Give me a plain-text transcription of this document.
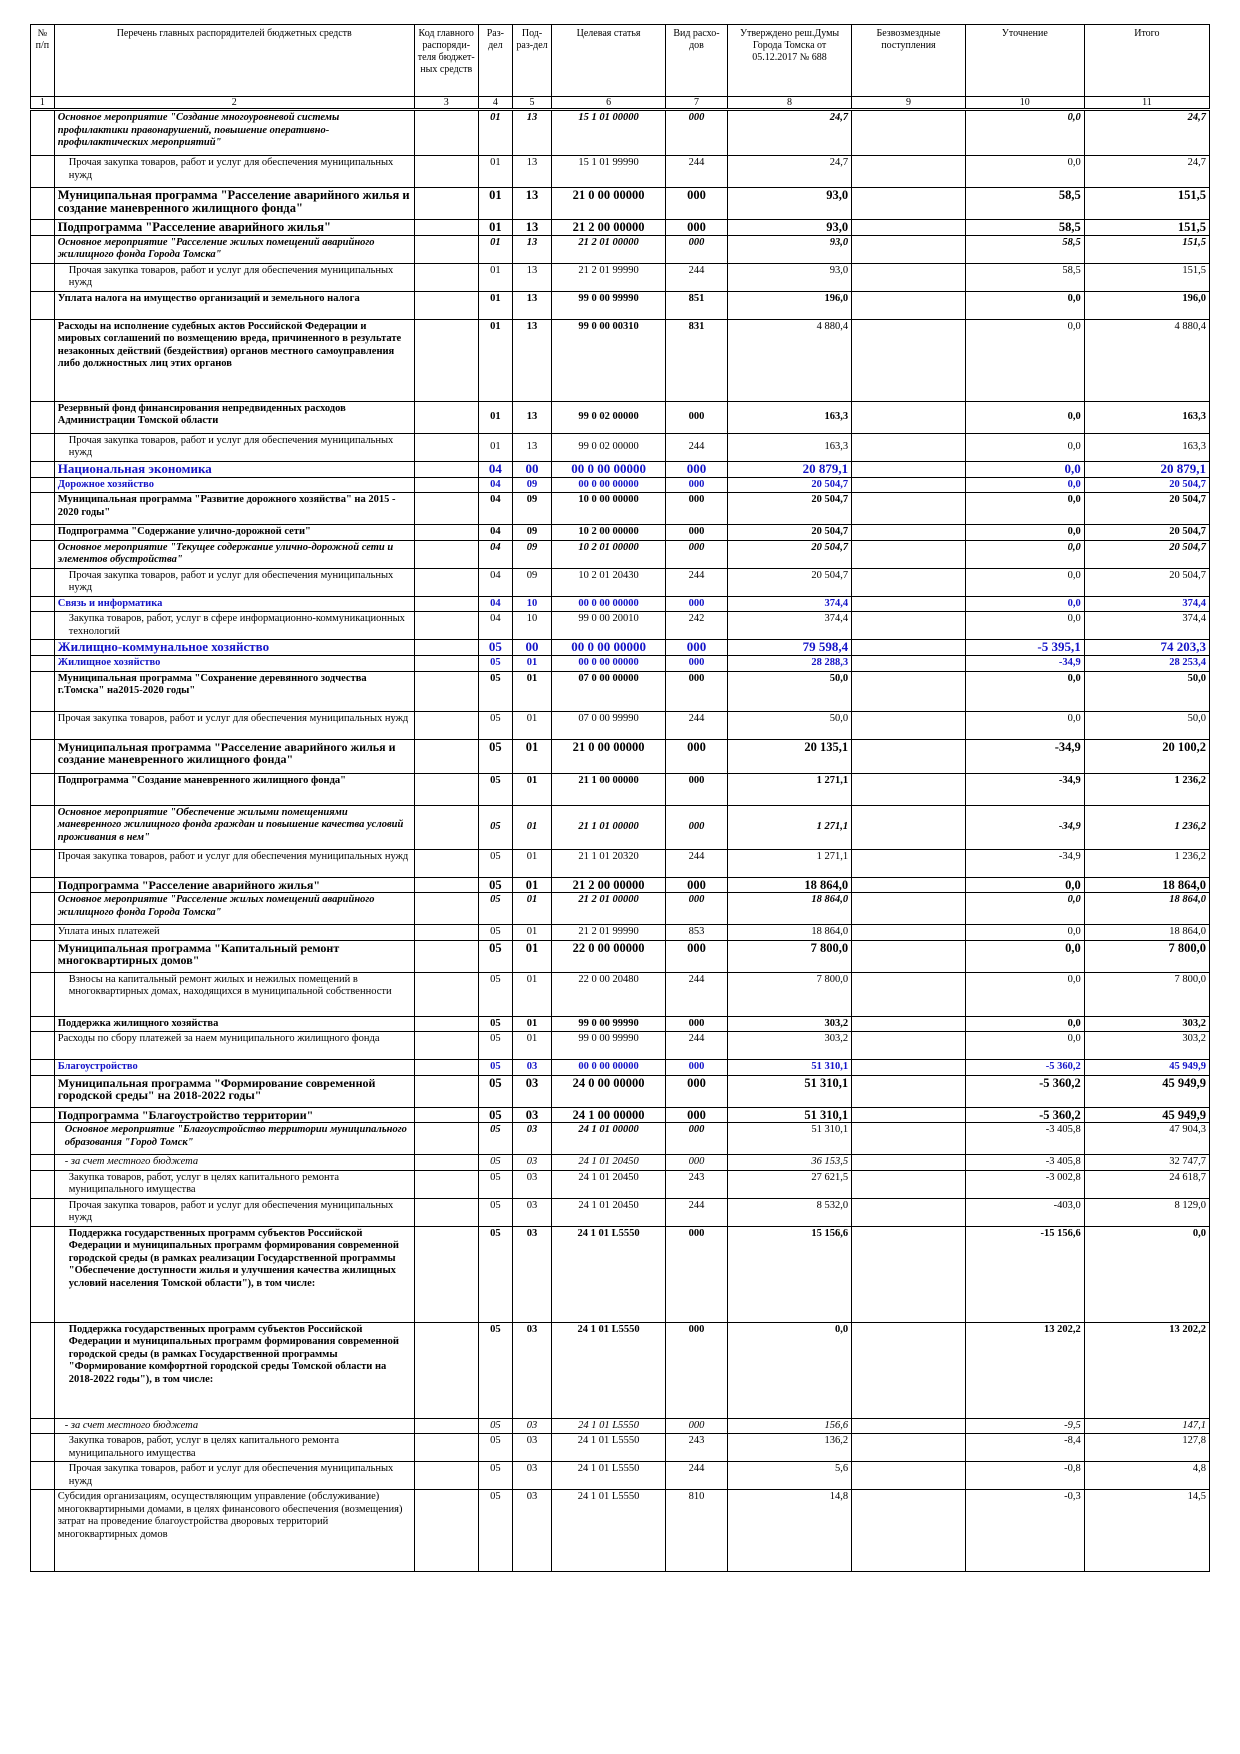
№ п/п	Перечень главных распорядителей бюджетных средств	Код главного распоряди-теля бюджет-ных средств	Раз-дел	Под-раз-дел	Целевая статья	Вид расхо-дов	Утверждено реш.Думы Города Томска от 05.12.2017 № 688	Безвозмездные поступления	Уточнение	Итого
1	2	3	4	5	6	7	8	9	10	11
	Основное мероприятие "Создание многоуровневой системы профилактики правонарушений, повышение оперативно-профилактических мероприятий"		01	13	15 1 01 00000	000	24,7		0,0	24,7
	Прочая закупка товаров, работ и услуг для обеспечения муниципальных нужд		01	13	15 1 01 99990	244	24,7		0,0	24,7
	Муниципальная программа "Расселение аварийного жилья и создание маневренного жилищного фонда"		01	13	21 0 00 00000	000	93,0		58,5	151,5
	Подпрограмма "Расселение аварийного жилья"		01	13	21 2 00 00000	000	93,0		58,5	151,5
	Основное мероприятие "Расселение жилых помещений аварийного жилищного фонда Города Томска"		01	13	21 2 01 00000	000	93,0		58,5	151,5
	Прочая закупка товаров, работ и услуг для обеспечения муниципальных нужд		01	13	21 2 01 99990	244	93,0		58,5	151,5
	Уплата налога на имущество организаций и земельного налога		01	13	99 0 00 99990	851	196,0		0,0	196,0
	Расходы на исполнение судебных актов Российской Федерации и мировых соглашений по возмещению вреда, причиненного в результате незаконных действий (бездействия) органов местного самоуправления либо должностных лиц этих органов		01	13	99 0 00 00310	831	4 880,4		0,0	4 880,4
	Резервный фонд финансирования непредвиденных расходов Администрации Томской области		01	13	99 0 02 00000	000	163,3		0,0	163,3
	Прочая закупка товаров, работ и услуг для обеспечения муниципальных нужд		01	13	99 0 02 00000	244	163,3		0,0	163,3
	Национальная экономика		04	00	00 0 00 00000	000	20 879,1		0,0	20 879,1
	Дорожное хозяйство		04	09	00 0 00 00000	000	20 504,7		0,0	20 504,7
	Муниципальная программа "Развитие дорожного хозяйства" на 2015 - 2020 годы"		04	09	10 0 00 00000	000	20 504,7		0,0	20 504,7
	Подпрограмма "Содержание улично-дорожной сети"		04	09	10 2 00 00000	000	20 504,7		0,0	20 504,7
	Основное мероприятие "Текущее содержание улично-дорожной сети и элементов обустройства"		04	09	10 2 01 00000	000	20 504,7		0,0	20 504,7
	Прочая закупка товаров, работ и услуг для обеспечения муниципальных нужд		04	09	10 2 01 20430	244	20 504,7		0,0	20 504,7
	Связь и информатика		04	10	00 0 00 00000	000	374,4		0,0	374,4
	Закупка товаров, работ, услуг в сфере информационно-коммуникационных технологий		04	10	99 0 00 20010	242	374,4		0,0	374,4
	Жилищно-коммунальное хозяйство		05	00	00 0 00 00000	000	79 598,4		-5 395,1	74 203,3
	Жилищное хозяйство		05	01	00 0 00 00000	000	28 288,3		-34,9	28 253,4
	Муниципальная программа "Сохранение деревянного зодчества г.Томска" на2015-2020 годы"		05	01	07 0 00 00000	000	50,0		0,0	50,0
	Прочая закупка товаров, работ и услуг для обеспечения муниципальных нужд		05	01	07 0 00 99990	244	50,0		0,0	50,0
	Муниципальная программа "Расселение аварийного жилья и создание маневренного жилищного фонда"		05	01	21 0 00 00000	000	20 135,1		-34,9	20 100,2
	Подпрограмма "Создание маневренного жилищного фонда"		05	01	21 1 00 00000	000	1 271,1		-34,9	1 236,2
	Основное мероприятие "Обеспечение жилыми помещениями маневренного жилищного фонда граждан и повышение качества условий проживания в нем"		05	01	21 1 01 00000	000	1 271,1		-34,9	1 236,2
	Прочая закупка товаров, работ и услуг для обеспечения муниципальных нужд		05	01	21 1 01 20320	244	1 271,1		-34,9	1 236,2
	Подпрограмма "Расселение аварийного жилья"		05	01	21 2 00 00000	000	18 864,0		0,0	18 864,0
	Основное мероприятие "Расселение жилых помещений аварийного жилищного фонда Города Томска"		05	01	21 2 01 00000	000	18 864,0		0,0	18 864,0
	Уплата иных платежей		05	01	21 2 01 99990	853	18 864,0		0,0	18 864,0
	Муниципальная программа "Капитальный ремонт многоквартирных домов"		05	01	22 0 00 00000	000	7 800,0		0,0	7 800,0
	Взносы на капитальный ремонт жилых и нежилых помещений в многоквартирных домах, находящихся в муниципальной собственности		05	01	22 0 00 20480	244	7 800,0		0,0	7 800,0
	Поддержка жилищного хозяйства		05	01	99 0 00 99990	000	303,2		0,0	303,2
	Расходы по сбору платежей за наем муниципального жилищного фонда		05	01	99 0 00 99990	244	303,2		0,0	303,2
	Благоустройство		05	03	00 0 00 00000	000	51 310,1		-5 360,2	45 949,9
	Муниципальная программа "Формирование современной городской среды" на 2018-2022 годы"		05	03	24 0 00 00000	000	51 310,1		-5 360,2	45 949,9
	Подпрограмма "Благоустройство территории"		05	03	24 1 00 00000	000	51 310,1		-5 360,2	45 949,9
	Основное мероприятие "Благоустройство территории муниципального образования "Город Томск"		05	03	24 1 01 00000	000	51 310,1		-3 405,8	47 904,3
	- за счет местного бюджета		05	03	24 1 01 20450	000	36 153,5		-3 405,8	32 747,7
	Закупка товаров, работ, услуг в целях капитального ремонта муниципального имущества		05	03	24 1 01 20450	243	27 621,5		-3 002,8	24 618,7
	Прочая закупка товаров, работ и услуг для обеспечения муниципальных нужд		05	03	24 1 01 20450	244	8 532,0		-403,0	8 129,0
	Поддержка государственных программ субъектов Российской Федерации и муниципальных программ формирования современной городской среды (в рамках реализации Государственной программы "Обеспечение доступности жилья и улучшения качества жилищных условий населения Томской области"), в том числе:		05	03	24 1 01 L5550	000	15 156,6		-15 156,6	0,0
	Поддержка государственных программ субъектов Российской Федерации и муниципальных программ формирования современной городской среды (в рамках Государственной программы "Формирование комфортной городской среды Томской области на 2018-2022 годы"), в том числе:		05	03	24 1 01 L5550	000	0,0		13 202,2	13 202,2
	- за счет местного бюджета		05	03	24 1 01 L5550	000	156,6		-9,5	147,1
	Закупка товаров, работ, услуг в целях капитального ремонта муниципального имущества		05	03	24 1 01 L5550	243	136,2		-8,4	127,8
	Прочая закупка товаров, работ и услуг для обеспечения муниципальных нужд		05	03	24 1 01 L5550	244	5,6		-0,8	4,8
	Субсидия организациям, осуществляющим управление (обслуживание) многоквартирными домами, в целях финансового обеспечения (возмещения) затрат на проведение благоустройства дворовых территорий многоквартирных домов		05	03	24 1 01 L5550	810	14,8		-0,3	14,5
